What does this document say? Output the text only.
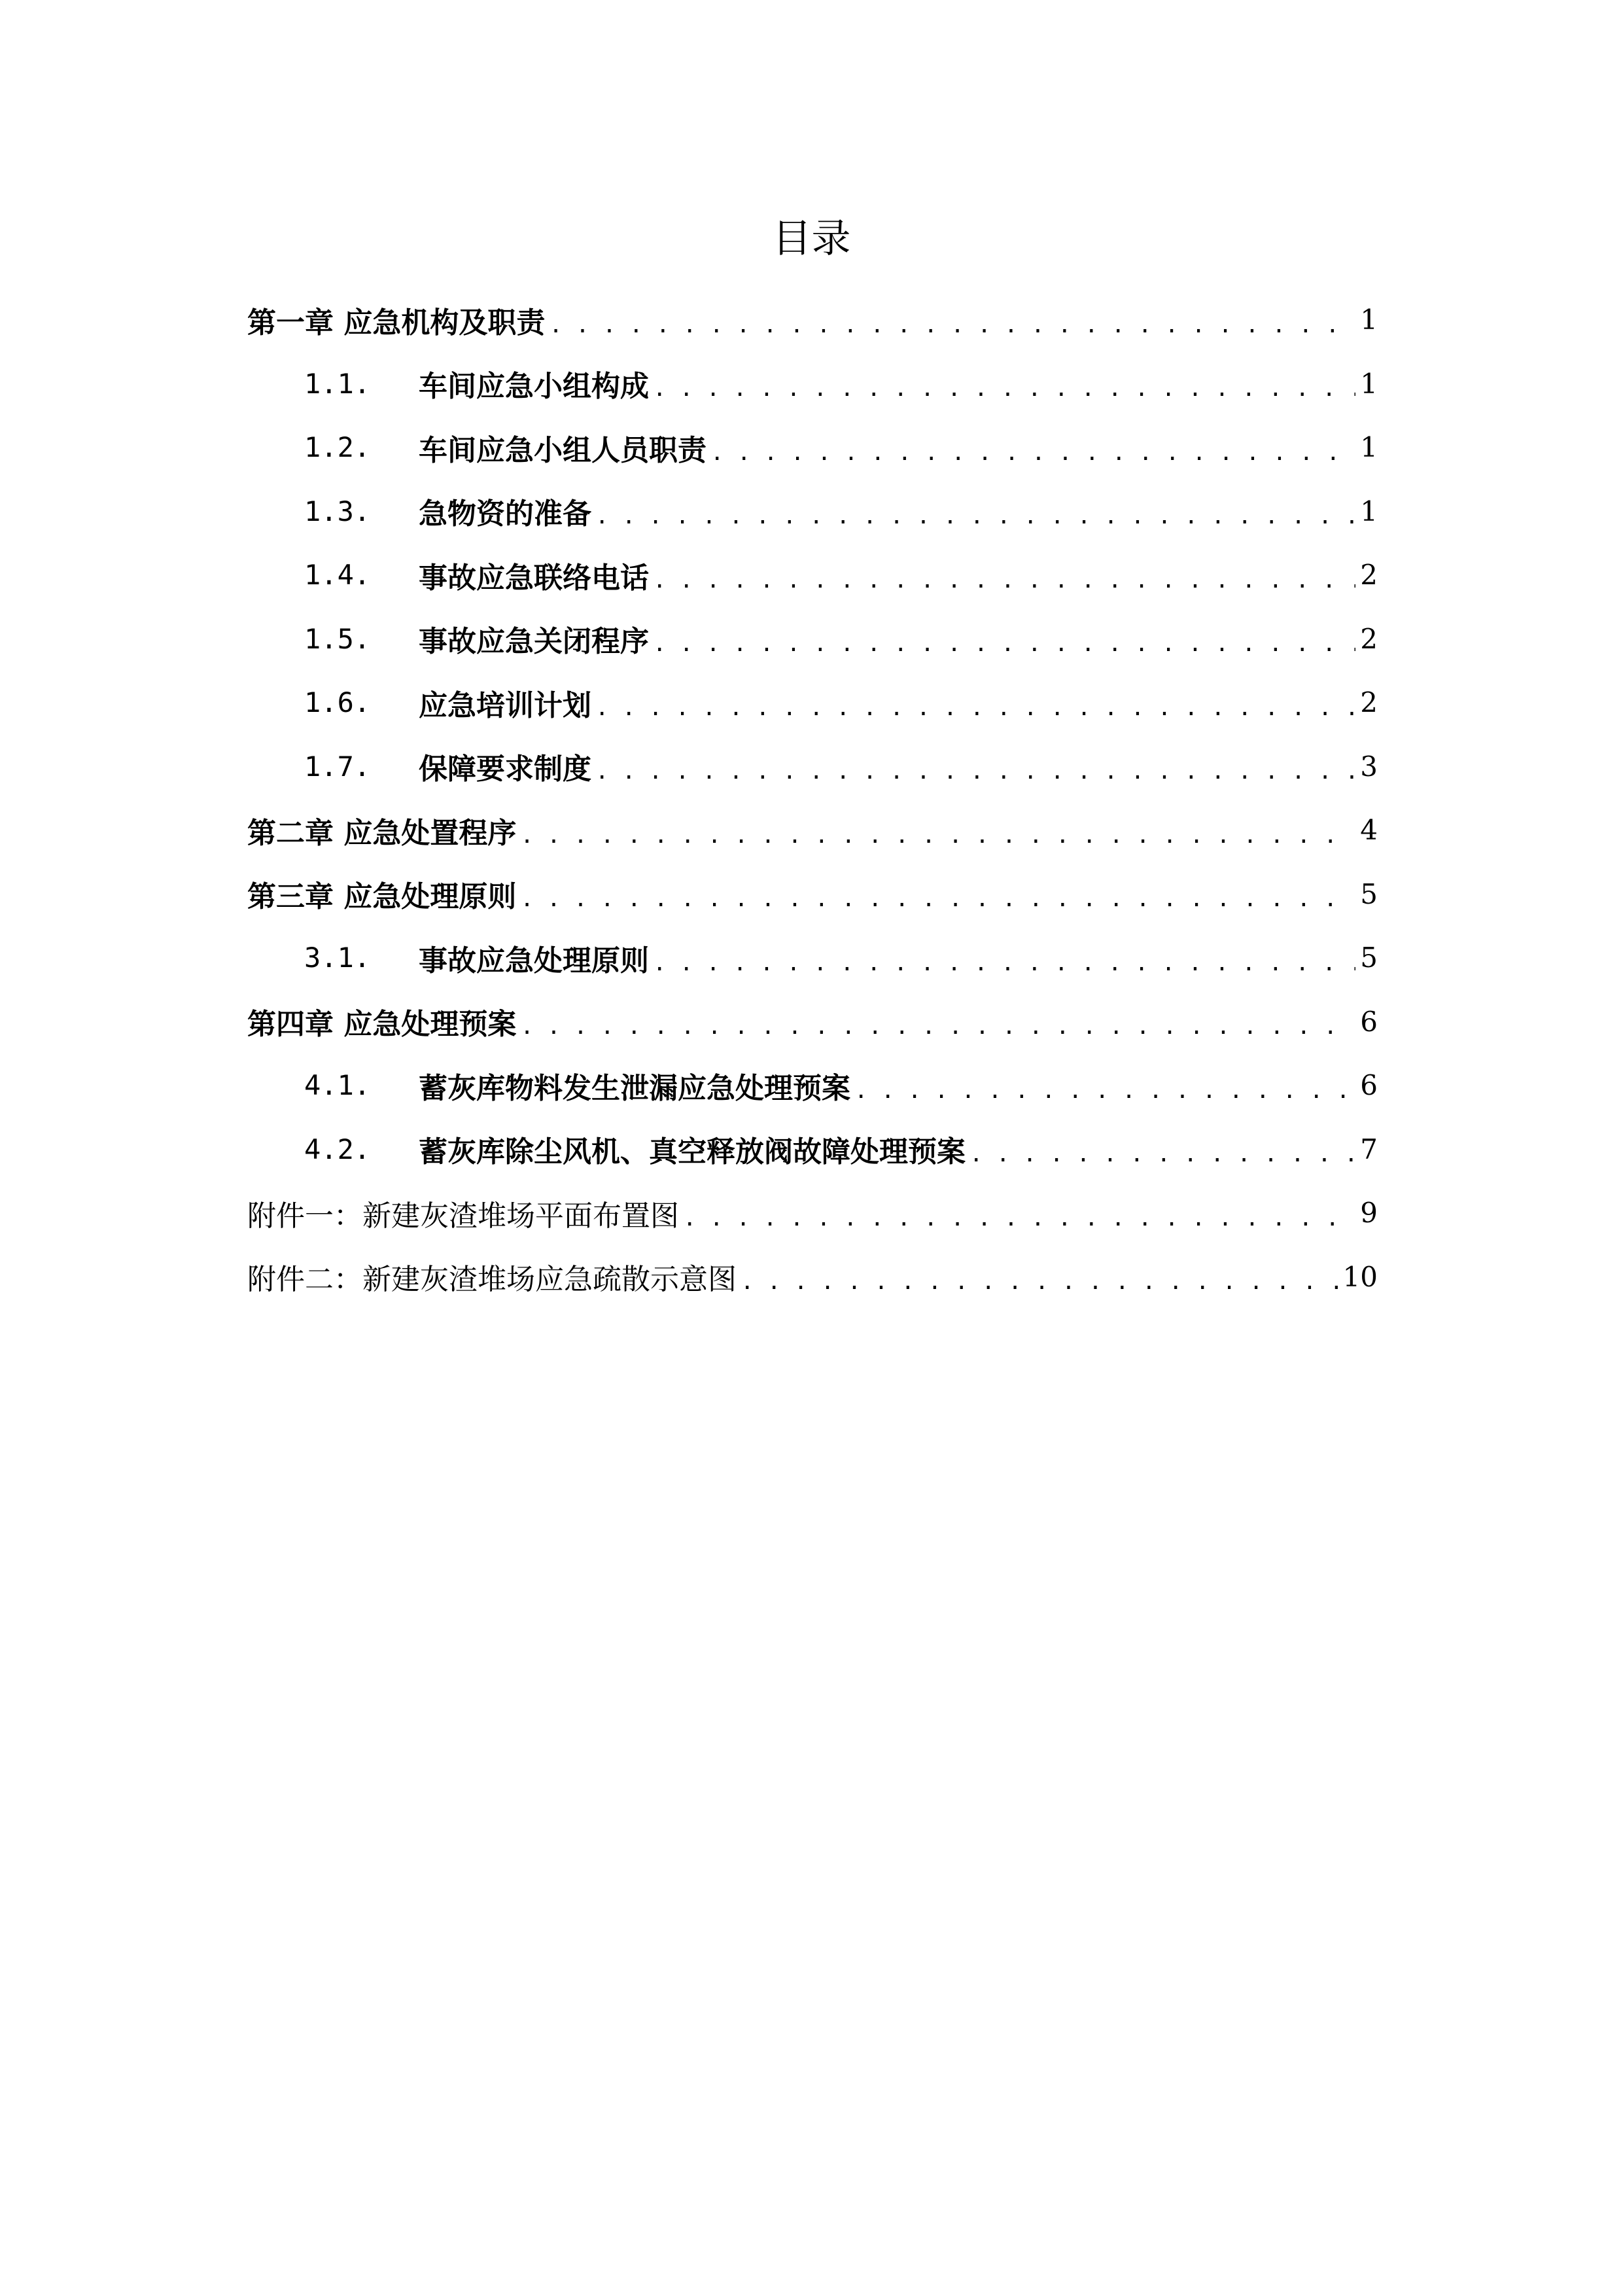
目录
第一章 应急机构及职责 . . .	1
1.1.	车间应急小组构成 . . .	1
1.2.	车间应急小组人员职责 . . .	1
1.3.	急物资的准备 . . .	1
1.4.	事故应急联络电话 . . .	2
1.5.	事故应急关闭程序 . . .	2
1.6.	应急培训计划 . . .	2
1.7.	保障要求制度 . . .	3
第二章 应急处置程序 . . .	4
第三章 应急处理原则 . . .	5
3.1.	事故应急处理原则 . . .	5
第四章 应急处理预案 . . .	6
4.1.	蓄灰库物料发生泄漏应急处理预案 . . .	6
4.2.	蓄灰库除尘风机、真空释放阀故障处理预案 . . .	7
附件一：新建灰渣堆场平面布置图 . . .	9
附件二：新建灰渣堆场应急疏散示意图 . . .	10
